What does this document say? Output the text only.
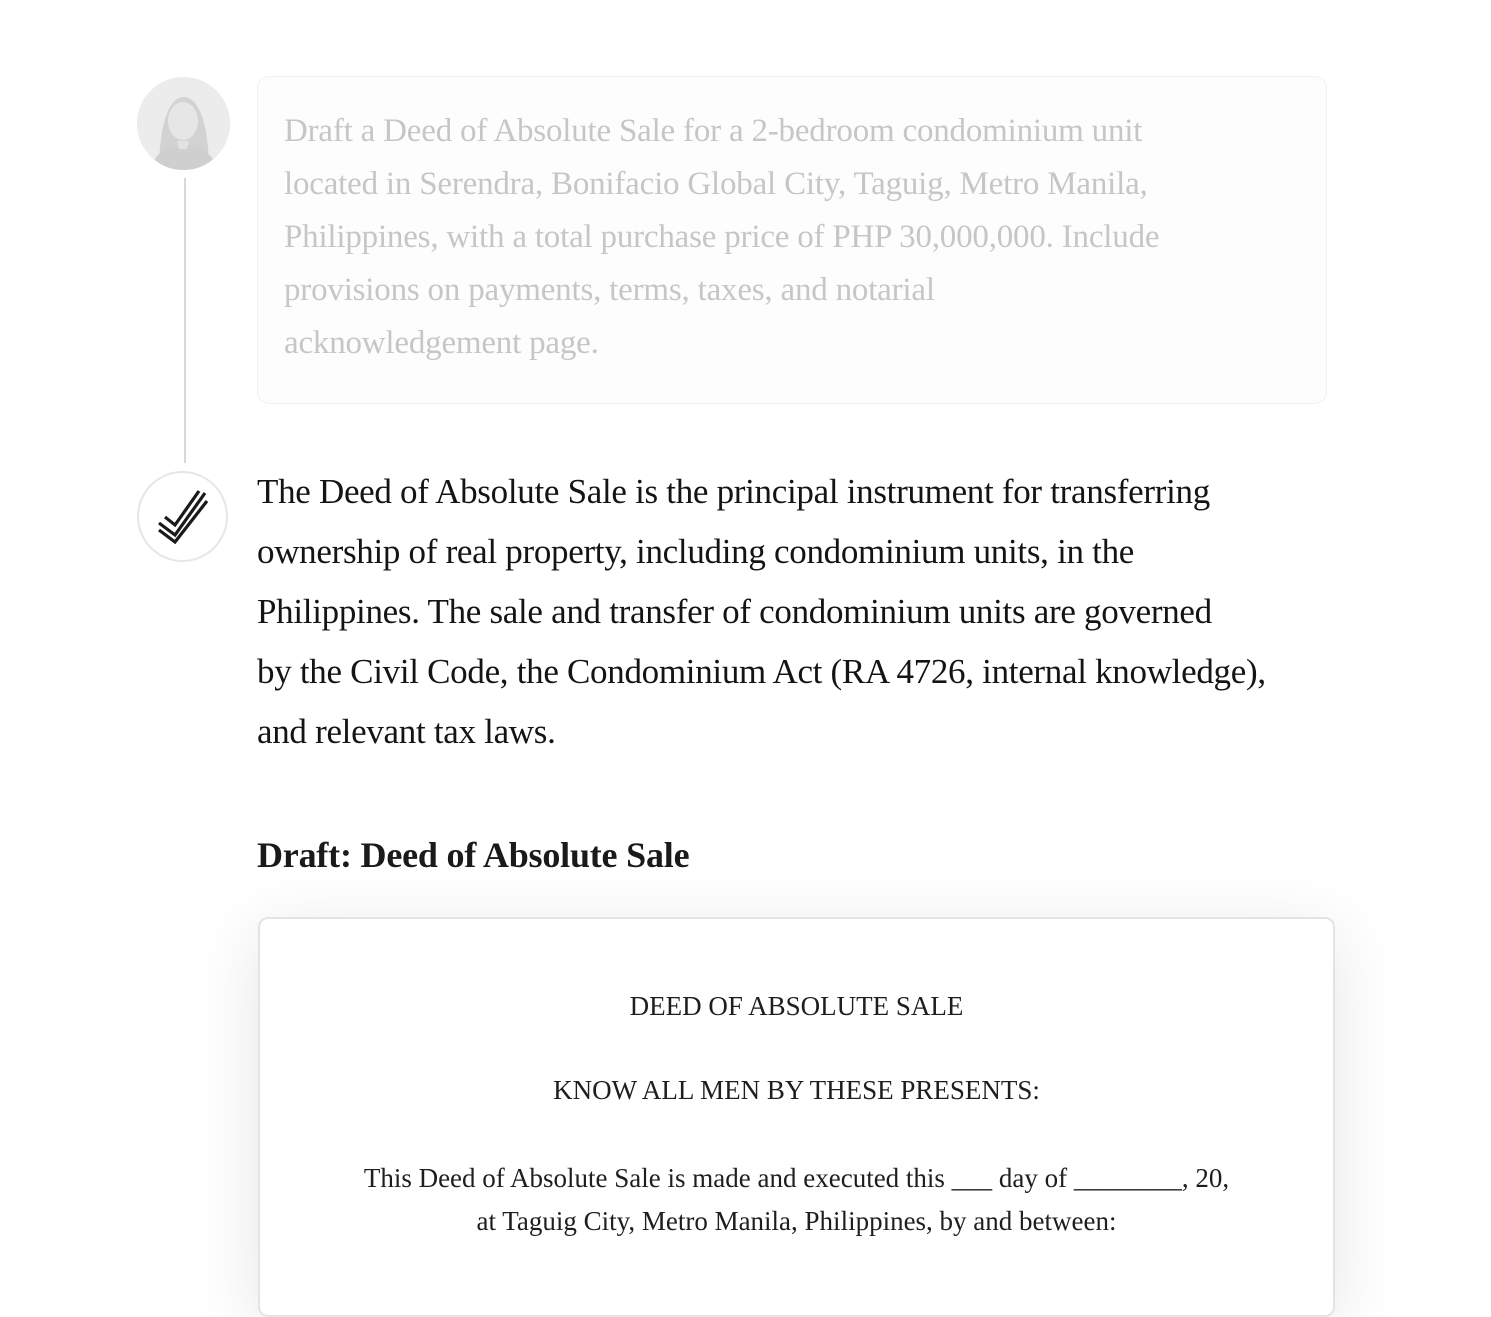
Draft a Deed of Absolute Sale for a 2-bedroom condominium unit
located in Serendra, Bonifacio Global City, Taguig, Metro Manila,
Philippines, with a total purchase price of PHP 30,000,000. Include
provisions on payments, terms, taxes, and notarial
acknowledgement page.

The Deed of Absolute Sale is the principal instrument for transferring
ownership of real property, including condominium units, in the
Philippines. The sale and transfer of condominium units are governed
by the Civil Code, the Condominium Act (RA 4726, internal knowledge),
and relevant tax laws.

Draft: Deed of Absolute Sale

DEED OF ABSOLUTE SALE

KNOW ALL MEN BY THESE PRESENTS:

This Deed of Absolute Sale is made and executed this ___ day of ________, 20,
at Taguig City, Metro Manila, Philippines, by and between:
